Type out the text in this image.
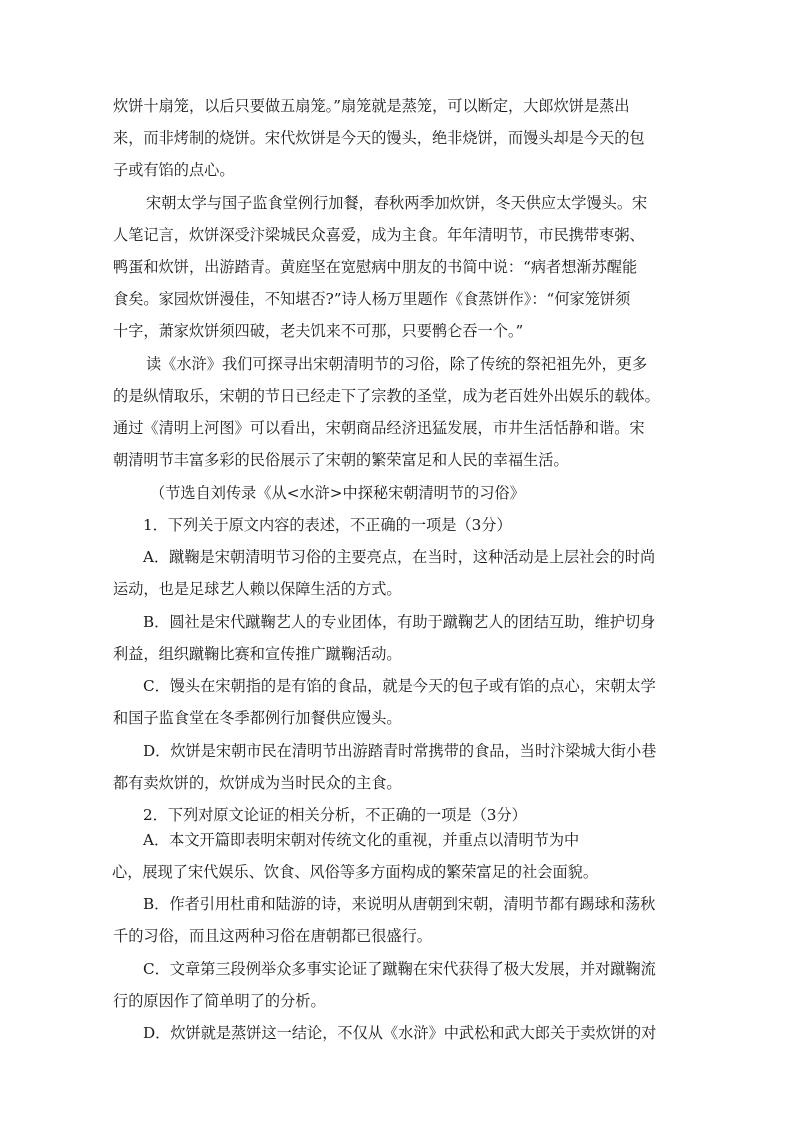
炊饼十扇笼，以后只要做五扇笼。”扇笼就是蒸笼，可以断定，大郎炊饼是蒸出
来，而非烤制的烧饼。宋代炊饼是今天的馒头，绝非烧饼，而馒头却是今天的包
子或有馅的点心。
宋朝太学与国子监食堂例行加餐，春秋两季加炊饼，冬天供应太学馒头。宋
人笔记言，炊饼深受汴梁城民众喜爱，成为主食。年年清明节，市民携带枣粥、
鸭蛋和炊饼，出游踏青。黄庭坚在宽慰病中朋友的书简中说：“病者想渐苏醒能
食矣。家园炊饼漫佳，不知堪否?”诗人杨万里题作《食蒸饼作》：“何家笼饼须
十字，萧家炊饼须四破，老夫饥来不可那，只要鹘仑吞一个。”
读《水浒》我们可探寻出宋朝清明节的习俗，除了传统的祭祀祖先外，更多
的是纵情取乐，宋朝的节日已经走下了宗教的圣堂，成为老百姓外出娱乐的载体。
通过《清明上河图》可以看出，宋朝商品经济迅猛发展，市井生活恬静和谐。宋
朝清明节丰富多彩的民俗展示了宋朝的繁荣富足和人民的幸福生活。
（节选自刘传录《从<水浒>中探秘宋朝清明节的习俗》
1．下列关于原文内容的表述，不正确的一项是（3分）
A．蹴鞠是宋朝清明节习俗的主要亮点，在当时，这种活动是上层社会的时尚
运动，也是足球艺人赖以保障生活的方式。
B．圆社是宋代蹴鞠艺人的专业团体，有助于蹴鞠艺人的团结互助，维护切身
利益，组织蹴鞠比赛和宣传推广蹴鞠活动。
C．馒头在宋朝指的是有馅的食品，就是今天的包子或有馅的点心，宋朝太学
和国子监食堂在冬季都例行加餐供应馒头。
D．炊饼是宋朝市民在清明节出游踏青时常携带的食品，当时汴梁城大街小巷
都有卖炊饼的，炊饼成为当时民众的主食。
2．下列对原文论证的相关分析，不正确的一项是（3分）
A．本文开篇即表明宋朝对传统文化的重视，并重点以清明节为中
心，展现了宋代娱乐、饮食、风俗等多方面构成的繁荣富足的社会面貌。
B．作者引用杜甫和陆游的诗，来说明从唐朝到宋朝，清明节都有踢球和荡秋
千的习俗，而且这两种习俗在唐朝都已很盛行。
C．文章第三段例举众多事实论证了蹴鞠在宋代获得了极大发展，并对蹴鞠流
行的原因作了简单明了的分析。
D．炊饼就是蒸饼这一结论，不仅从《水浒》中武松和武大郎关于卖炊饼的对
